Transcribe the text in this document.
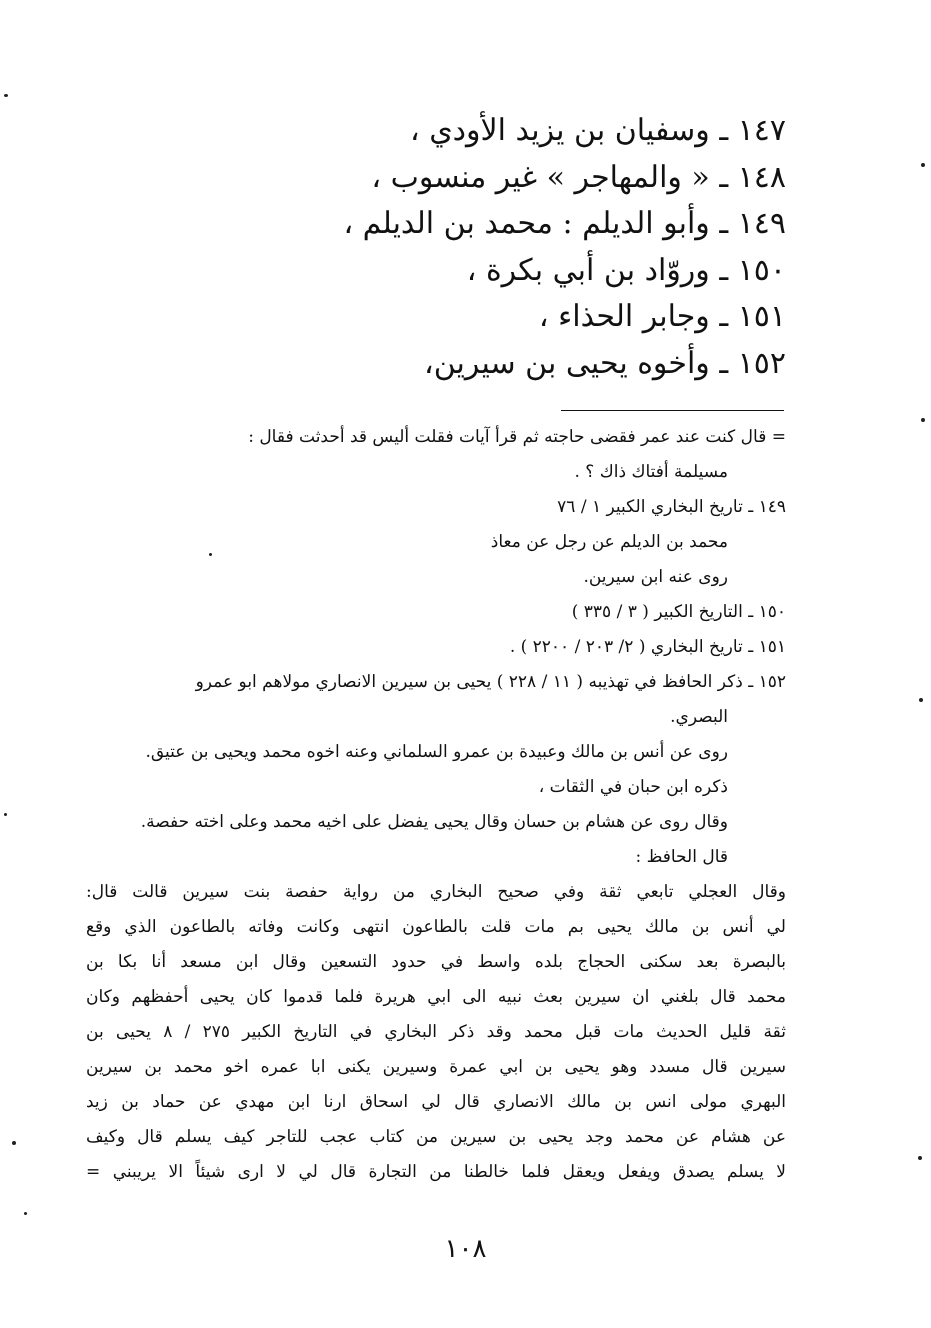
١٤٧ ـ وسفيان بن يزيد الأودي ،
١٤٨ ـ « والمهاجر » غير منسوب ،
١٤٩ ـ وأبو الديلم : محمد بن الديلم ،
١٥٠ ـ وروّاد بن أبي بكرة ،
١٥١ ـ وجابر الحذاء ،
١٥٢ ـ وأخوه يحيى بن سيرين،
= قال كنت عند عمر فقضى حاجته ثم قرأ آيات فقلت أليس قد أحدثت فقال :
مسيلمة أفتاك ذاك ؟ .
١٤٩ ـ تاريخ البخاري الكبير ١ / ٧٦
محمد بن الديلم عن رجل عن معاذ
روى عنه ابن سيرين.
١٥٠ ـ التاريخ الكبير ( ٣ / ٣٣٥ )
١٥١ ـ تاريخ البخاري ( ٢/ ٢٠٣ / ٢٢٠٠ ) .
١٥٢ ـ ذكر الحافظ في تهذيبه ( ١١ / ٢٢٨ ) يحيى بن سيرين الانصاري مولاهم ابو عمرو
البصري.
روى عن أنس بن مالك وعبيدة بن عمرو السلماني وعنه اخوه محمد ويحيى بن عتيق.
ذكره ابن حبان في الثقات ،
وقال روى عن هشام بن حسان وقال يحيى يفضل على اخيه محمد وعلى اخته حفصة.
قال الحافظ :
وقال العجلي تابعي ثقة وفي صحيح البخاري من رواية حفصة بنت سيرين قالت قال:
لي أنس بن مالك يحيى بم مات قلت بالطاعون انتهى وكانت وفاته بالطاعون الذي وقع
بالبصرة بعد سكنى الحجاج بلده واسط في حدود التسعين وقال ابن مسعد أنا بكا بن
محمد قال بلغني ان سيرين بعث نبيه الى ابي هريرة فلما قدموا كان يحيى أحفظهم وكان
ثقة قليل الحديث مات قبل محمد وقد ذكر البخاري في التاريخ الكبير ٢٧٥ / ٨ يحيى بن
سيرين قال مسدد وهو يحيى بن ابي عمرة وسيرين يكنى ابا عمره اخو محمد بن سيرين
البهري مولى انس بن مالك الانصاري قال لي اسحاق ارنا ابن مهدي عن حماد بن زيد
عن هشام عن محمد وجد يحيى بن سيرين من كتاب عجب للتاجر كيف يسلم قال وكيف
لا يسلم يصدق ويفعل ويعقل فلما خالطنا من التجارة قال لي لا ارى شيئاً الا يريبني =
١٠٨
